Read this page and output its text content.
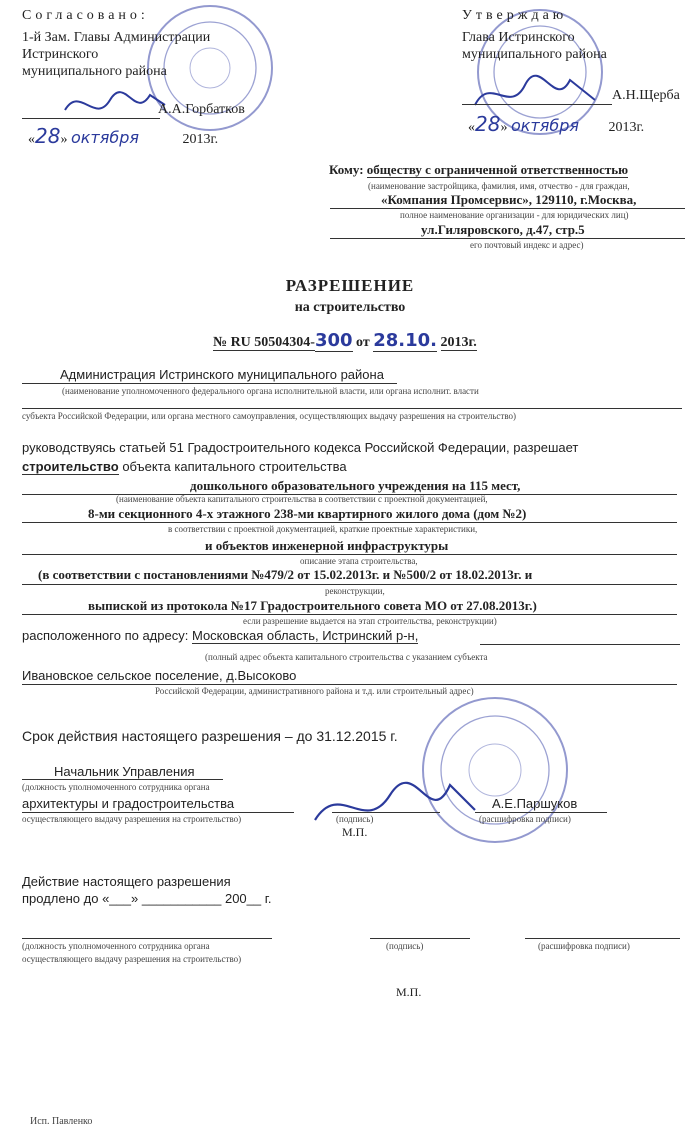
Согласовано:
1-й Зам. Главы Администрации
Истринского
муниципального района
А.А.Горбатков
«28» октября	2013г.
Утверждаю
Глава Истринского
муниципального района
А.Н.Щерба
«28» октября 2013г.
Кому: обществу с ограниченной ответственностью
(наименование застройщика, фамилия, имя, отчество - для граждан,
«Компания Промсервис», 129110, г.Москва,
полное наименование организации - для юридических лиц)
ул.Гиляровского, д.47, стр.5
его почтовый индекс и адрес)
РАЗРЕШЕНИЕ
на строительство
№ RU 50504304-300 от 28.10. 2013г.
Администрация Истринского муниципального района
(наименование уполномоченного федерального органа исполнительной власти, или органа исполнит. власти
субъекта Российской Федерации, или органа местного самоуправления, осуществляющих выдачу разрешения на строительство)
руководствуясь статьей 51 Градостроительного кодекса Российской Федерации, разрешает
строительство объекта капитального строительства
дошкольного образовательного учреждения на 115 мест,
(наименование объекта капитального строительства в соответствии с проектной документацией,
8-ми секционного 4-х этажного 238-ми квартирного жилого дома (дом №2)
в соответствии с проектной документацией, краткие проектные характеристики,
и объектов инженерной инфраструктуры
описание этапа строительства,
(в соответствии с постановлениями №479/2 от 15.02.2013г. и №500/2 от 18.02.2013г. и
реконструкции,
выпиской из протокола №17 Градостроительного совета МО от 27.08.2013г.)
если разрешение выдается на этап строительства, реконструкции)
расположенного по адресу: Московская область, Истринский р-н,
(полный адрес объекта капитального строительства с указанием субъекта
Ивановское сельское поселение, д.Высоково
Российской Федерации, административного района и т.д. или строительный адрес)
Срок действия настоящего разрешения – до 31.12.2015 г.
Начальник Управления
(должность уполномоченного сотрудника органа
архитектуры и градостроительства
осуществляющего выдачу разрешения на строительство)	(подпись)
М.П.
А.Е.Паршуков
(расшифровка подписи)
Действие настоящего разрешения
продлено до «___» ___________ 200__ г.
(должность уполномоченного сотрудника органа
осуществляющего выдачу разрешения на строительство)
(подпись)	(расшифровка подписи)
М.П.
Исп. Павленко
